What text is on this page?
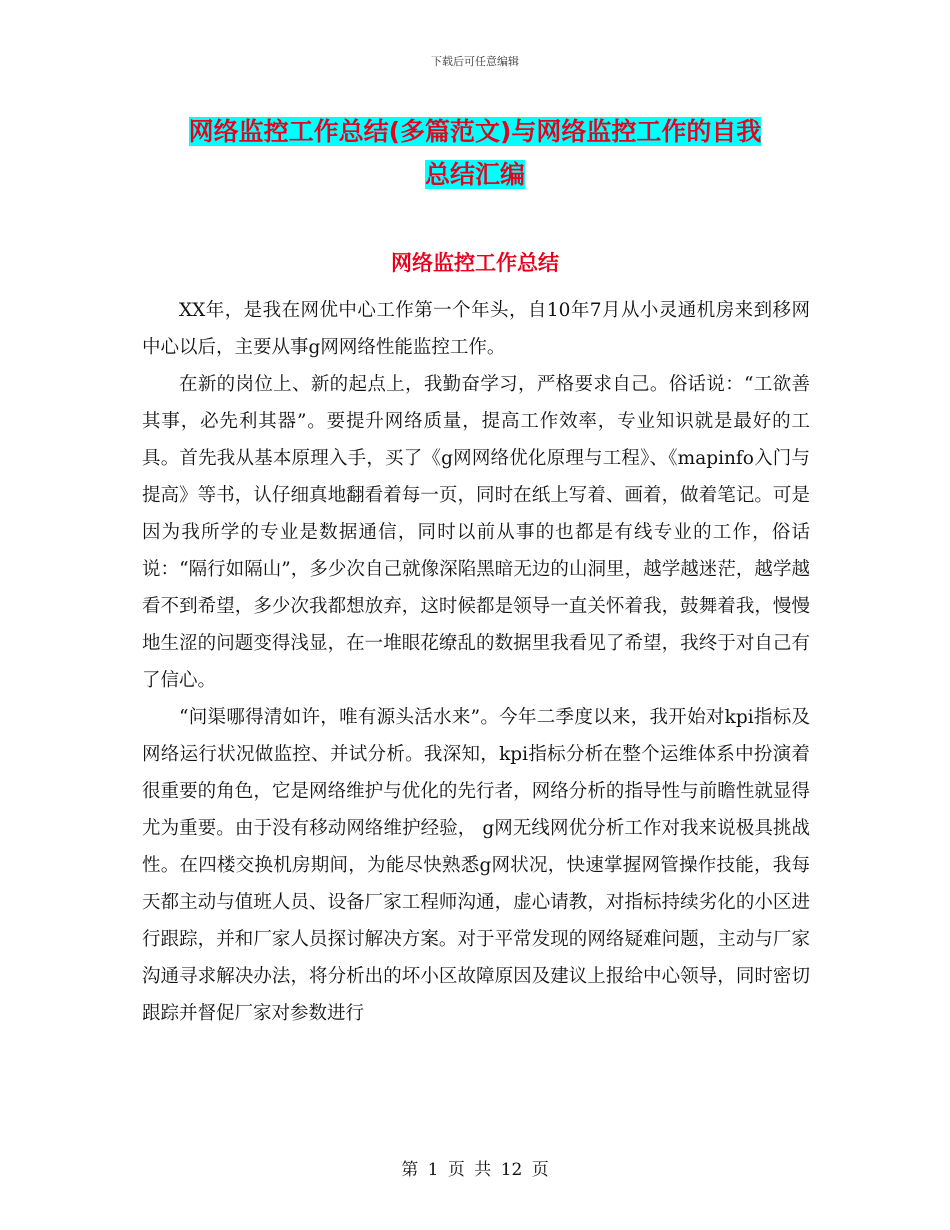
下载后可任意编辑
网络监控工作总结(多篇范文)与网络监控工作的自我
总结汇编
网络监控工作总结

XX年，是我在网优中心工作第一个年头，自10年7月从小灵通机房来到移网中心以后，主要从事g网网络性能监控工作。

在新的岗位上、新的起点上，我勤奋学习，严格要求自己。俗话说：“工欲善其事，必先利其器”。要提升网络质量，提高工作效率，专业知识就是最好的工具。首先我从基本原理入手，买了《g网网络优化原理与工程》、《mapinfo入门与提高》等书，认仔细真地翻看着每一页，同时在纸上写着、画着，做着笔记。可是因为我所学的专业是数据通信，同时以前从事的也都是有线专业的工作，俗话说：“隔行如隔山”，多少次自己就像深陷黑暗无边的山洞里，越学越迷茫，越学越看不到希望，多少次我都想放弃，这时候都是领导一直关怀着我，鼓舞着我，慢慢地生涩的问题变得浅显，在一堆眼花缭乱的数据里我看见了希望，我终于对自己有了信心。

“问渠哪得清如许，唯有源头活水来”。今年二季度以来，我开始对kpi指标及网络运行状况做监控、并试分析。我深知，kpi指标分析在整个运维体系中扮演着很重要的角色，它是网络维护与优化的先行者，网络分析的指导性与前瞻性就显得尤为重要。由于没有移动网络维护经验， g网无线网优分析工作对我来说极具挑战性。在四楼交换机房期间，为能尽快熟悉g网状况，快速掌握网管操作技能，我每天都主动与值班人员、设备厂家工程师沟通，虚心请教，对指标持续劣化的小区进行跟踪，并和厂家人员探讨解决方案。对于平常发现的网络疑难问题，主动与厂家沟通寻求解决办法，将分析出的坏小区故障原因及建议上报给中心领导，同时密切跟踪并督促厂家对参数进行

第 1 页 共 12 页
